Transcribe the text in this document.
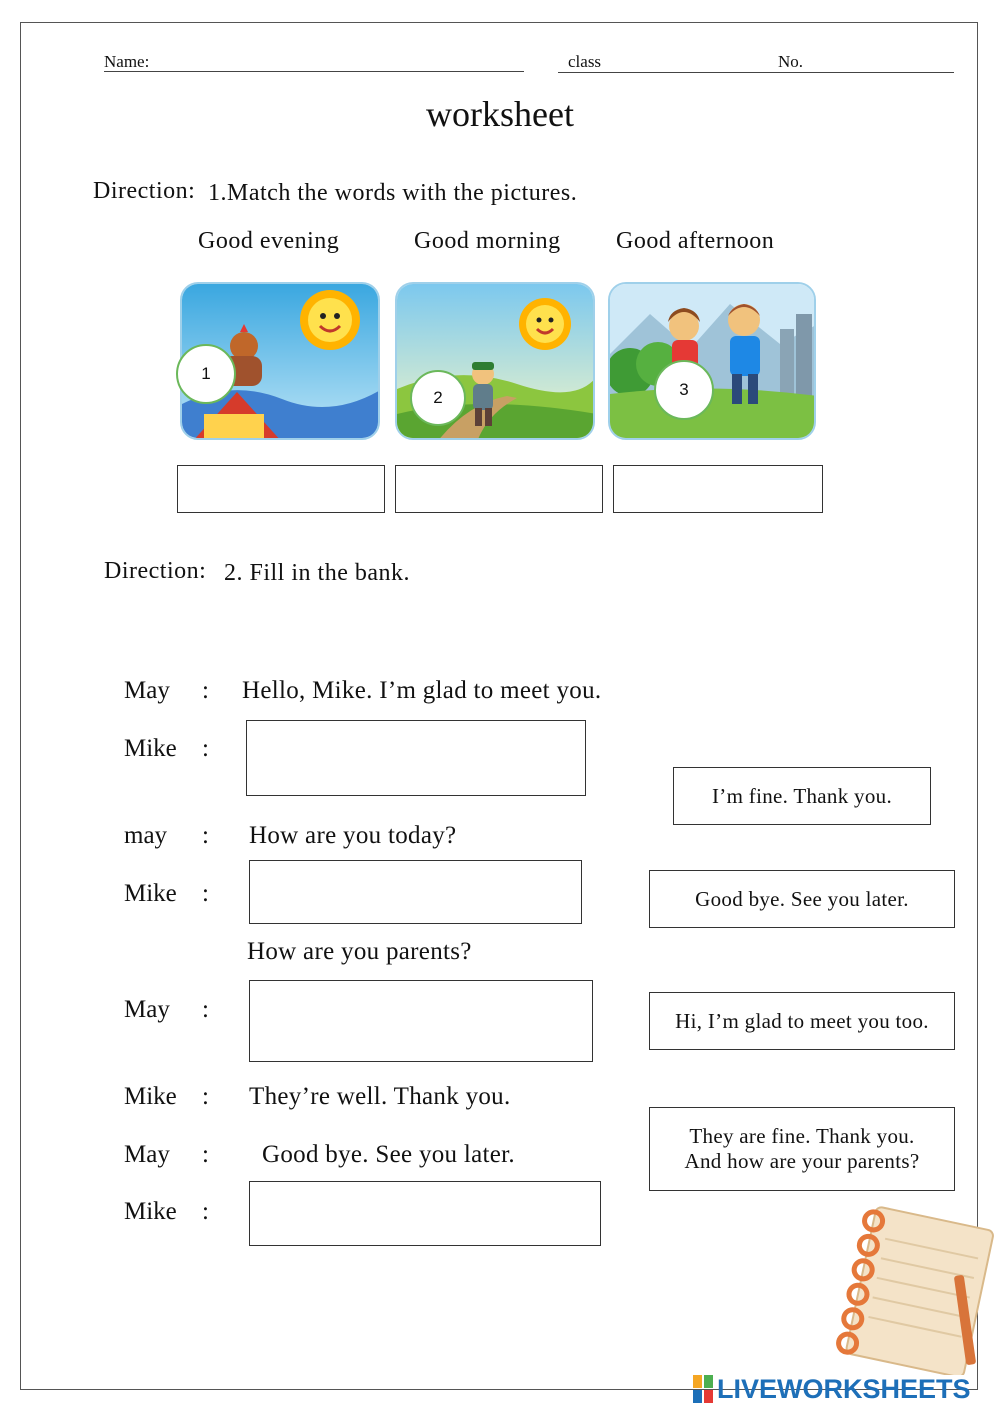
Name:	class	No.
worksheet
Direction: 1.Match the words with the pictures.
Good evening	Good morning Good afternoon
1
2	3
Direction: 2. Fill in the bank.
May : Hello, Mike. I’m glad to meet you.
Mike :
may : How are you today?
Mike :
How are you parents?
May :
Mike : They’re well. Thank you.
May : Good bye. See you later.
Mike :
I’m fine. Thank you.
Good bye. See you later.
Hi, I’m glad to meet you too.
They are fine. Thank you.
And how are your parents?
LIVEWORKSHEETS
